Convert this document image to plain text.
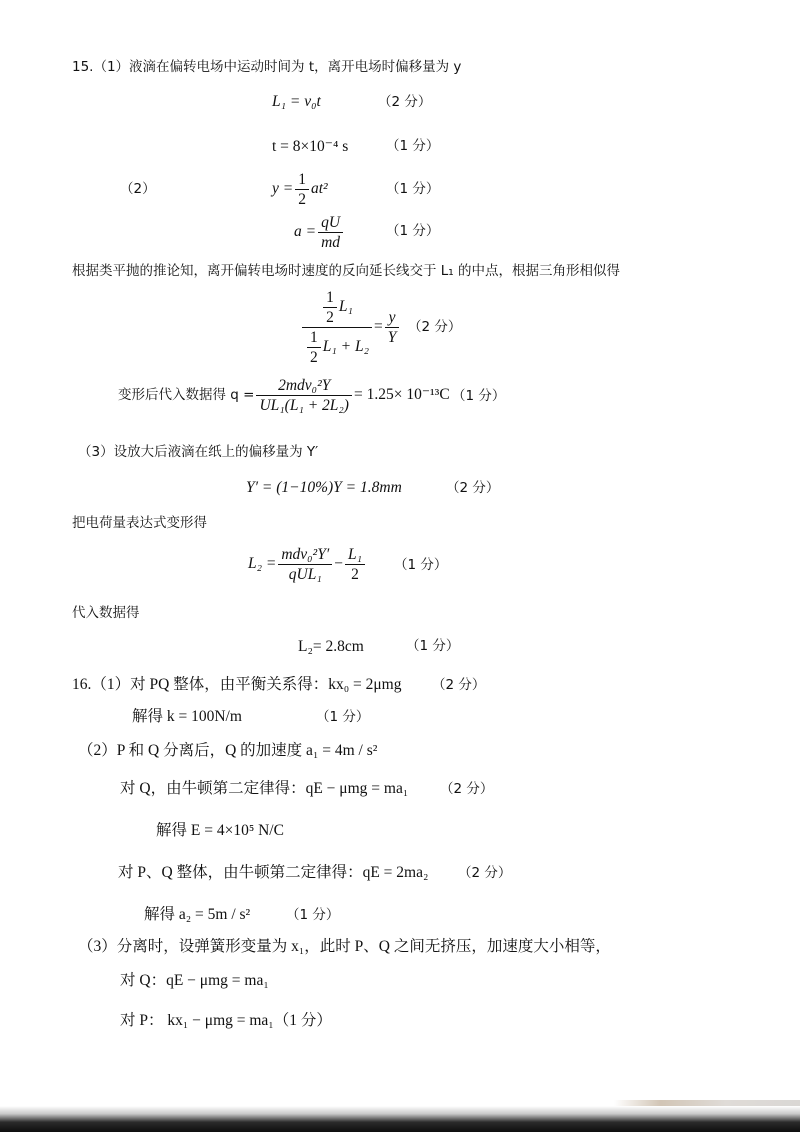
15.（1）液滴在偏转电场中运动时间为 t，离开电场时偏移量为 y
L₁ = v₀t	（2 分）
t = 8×10⁻⁴ s	（1 分）
（2）	$y = \frac{1}{2} at^2$	（1 分）
$a = \frac{qU}{md}$	（1 分）
根据类平抛的推论知，离开偏转电场时速度的反向延长线交于 L₁ 的中点，根据三角形相似得
$\frac{\frac{1}{2} L_1}{\frac{1}{2} L_1 + L_2} = \frac{y}{Y} (2$ 分）
变形后代入数据得 $q = \frac{\text{2mdv₀²Y}}{\text{UL₁(L₁ + 2L₂)}} = 1.25\times 10^{-13}C$ （1 分）
（3）设放大后液滴在纸上的偏移量为 Y′
Y′ = (1−10%)Y = 1.8mm	（2 分）
把电荷量表达式变形得
$L_2 = \frac{\text{mdv₀²Y′}}{\text{qUL₁}} - \frac{\text{L₁}}{2} (1$ 分）
代入数据得
L₂= 2.8cm	（1 分）
16.（1）对 PQ 整体，由平衡关系得：kx₀ = 2μmg （2 分）
解得 k = 100N/m	（1 分）
（2）P 和 Q 分离后，Q 的加速度 a₁ = 4m / s²
对 Q，由牛顿第二定律得：qE − μmg = ma₁ （2 分）
解得 E = 4×10⁵ N/C
对 P、Q 整体，由牛顿第二定律得：qE = 2ma₂ （2 分）
解得 a₂ = 5m / s²	（1 分）
（3）分离时，设弹簧形变量为 x₁，此时 P、Q 之间无挤压，加速度大小相等，
对 Q：qE − μmg = ma₁
对 P： kx₁ − μmg = ma₁（1 分）
